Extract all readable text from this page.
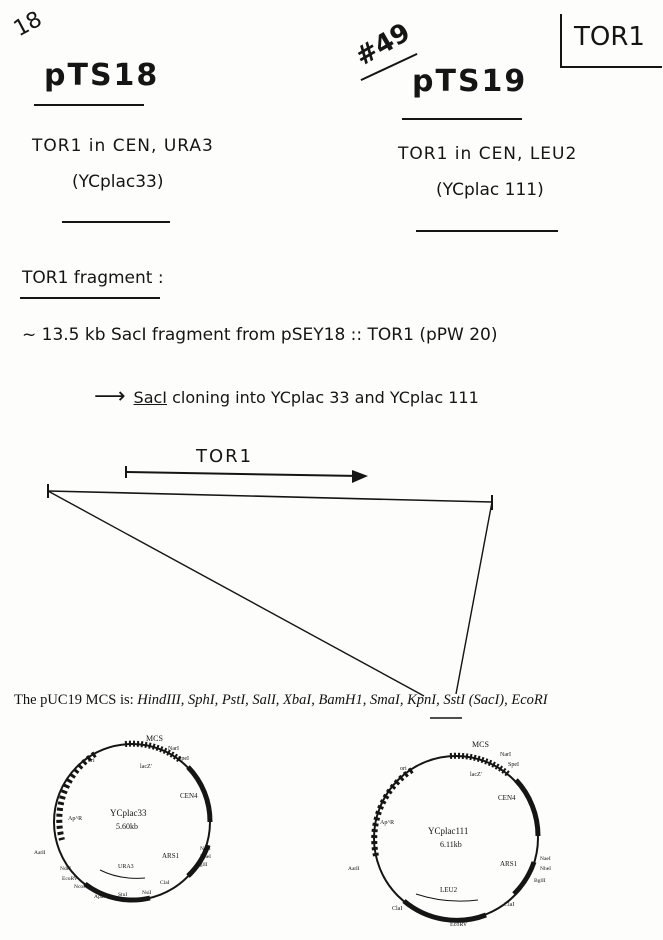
18	TOR1
pTS18
TOR1 in CEN, URA3
(YCplac33)
#49
pTS19
TOR1 in CEN, LEU2
(YCplac 111)
TOR1 fragment :
~ 13.5 kb SacI fragment from pSEY18 :: TOR1 (pPW 20)
⟶ SacI cloning into YCplac 33 and YCplac 111
TOR1
The pUC19 MCS is: HindIII, SphI, PstI, SalI, XbaI, BamH1, SmaI, KpnI, SstI (SacI), EcoRI
YCplac33
5.60kb
MCS
NarI
SpeI
lacZ'
ori
CEN4
Ap^R
NaeI
NheI
BglII
ARS1
ClaI
NsiI
StuI
ApaI
NcoI
EcoRV
NdeI
AatII
URA3
YCplac111
6.11kb
MCS
NarI
SpeI
lacZ'
ori
CEN4
Ap^R
ARS1
NaeI
NheI
BglII
AatII
ClaI
LEU2
ClaI
EcoRV
